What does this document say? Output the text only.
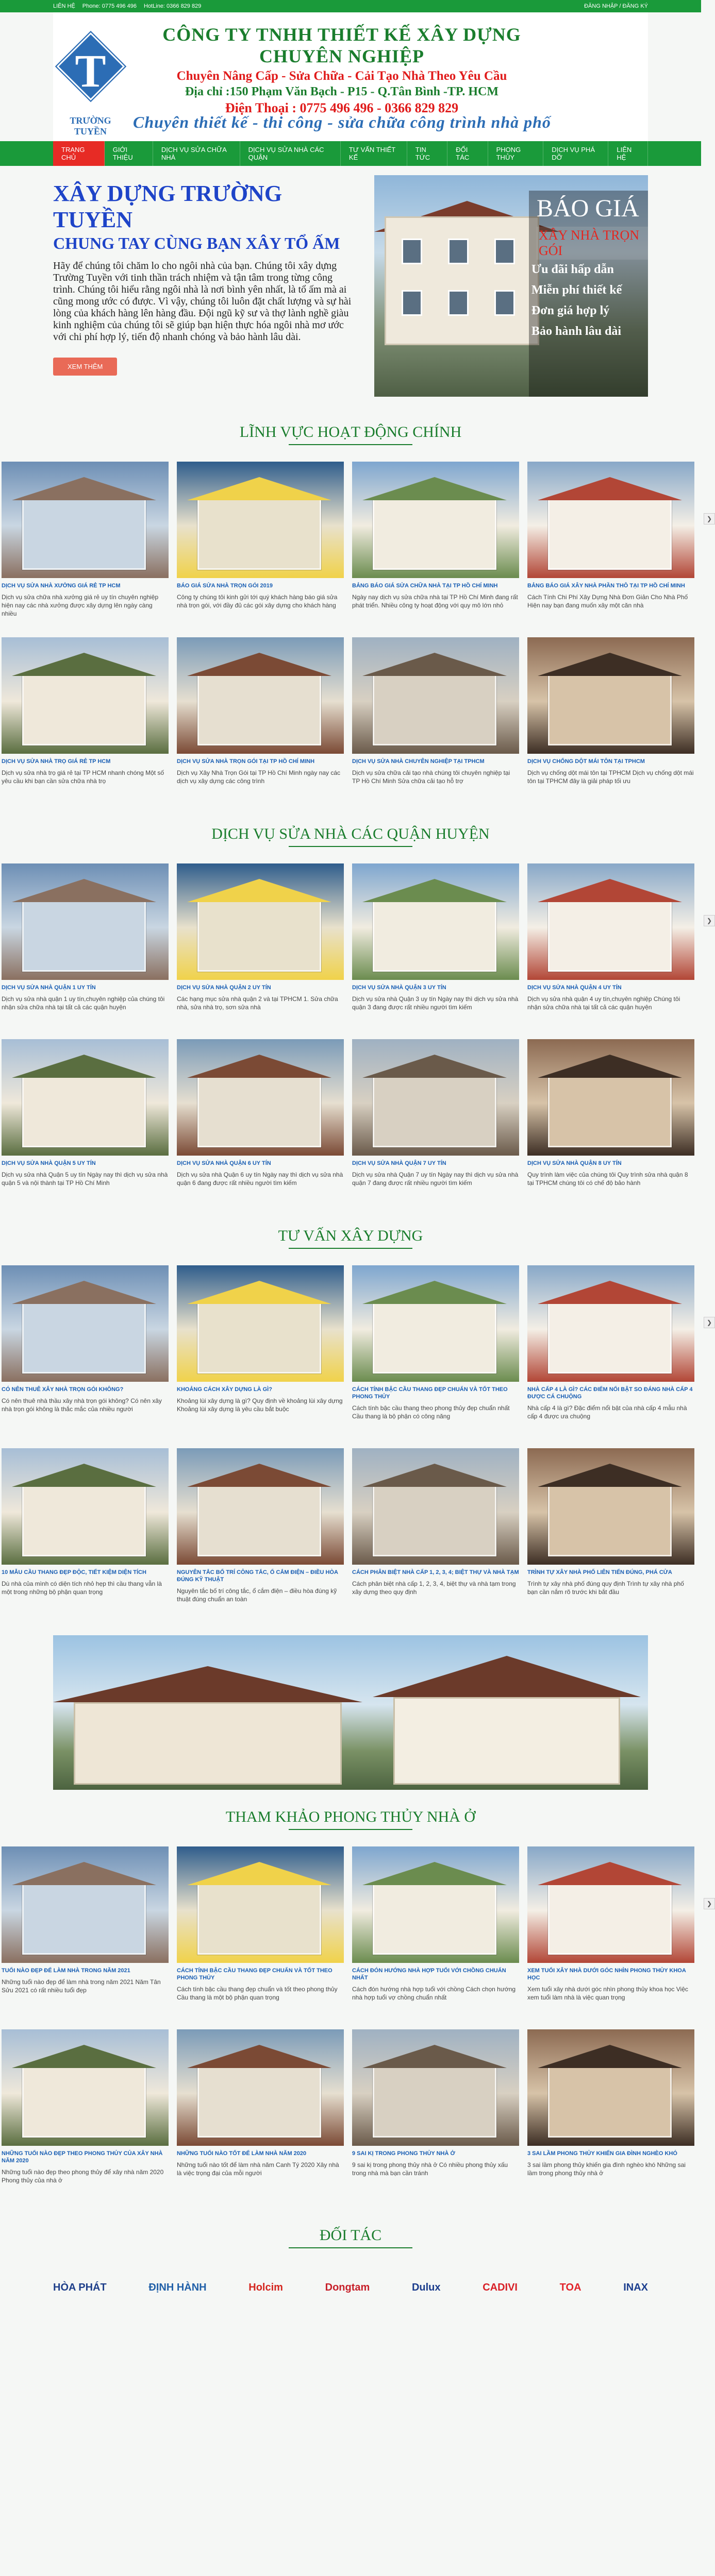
LIÊN HỆ Phone: 0775 496 496 HotLine: 0366 829 829	ĐĂNG NHẬP / ĐĂNG KÝ
T
TRƯỜNG TUYỀN
CÔNG TY TNHH THIẾT KẾ XÂY DỰNG CHUYÊN NGHIỆP
Chuyên Nâng Cấp - Sửa Chữa - Cải Tạo Nhà Theo Yêu Cầu
Địa chỉ :150 Phạm Văn Bạch - P15 - Q.Tân Bình -TP. HCM
Điện Thoại : 0775 496 496 - 0366 829 829
Chuyên thiết kế - thi công - sửa chữa công trình nhà phố
TRANG CHỦ
GIỚI THIỆU
DỊCH VỤ SỬA CHỮA NHÀ
DỊCH VỤ SỬA NHÀ CÁC QUẬN
TƯ VẤN THIẾT KẾ
TIN TỨC
ĐỐI TÁC
PHONG THỦY
DỊCH VỤ PHÁ DỠ
LIÊN HỆ
XÂY DỰNG TRƯỜNG TUYỀN
CHUNG TAY CÙNG BẠN XÂY TỔ ẤM

Hãy để chúng tôi chăm lo cho ngôi nhà của bạn. Chúng tôi xây dựng Trường Tuyền với tinh thần trách nhiệm và tận tâm trong từng công trình. Chúng tôi hiểu rằng ngôi nhà là nơi bình yên nhất, là tổ ấm mà ai cũng mong ước có được. Vì vậy, chúng tôi luôn đặt chất lượng và sự hài lòng của khách hàng lên hàng đầu. Đội ngũ kỹ sư và thợ lành nghề giàu kinh nghiệm của chúng tôi sẽ giúp bạn hiện thực hóa ngôi nhà mơ ước với chi phí hợp lý, tiến độ nhanh chóng và bảo hành lâu dài.

XEM THÊM
BÁO GIÁ
XÂY NHÀ TRỌN GÓI
Ưu đãi hấp dẫn
Miễn phí thiết kế
Đơn giá hợp lý
Bảo hành lâu dài
LĨNH VỰC HOẠT ĐỘNG CHÍNH
DỊCH VỤ SỬA NHÀ XƯỞNG GIÁ RẺ TP HCM
Dịch vụ sửa chữa nhà xưởng giá rẻ uy tín chuyên nghiệp hiện nay các nhà xưởng được xây dựng lên ngày càng nhiều
BÁO GIÁ SỬA NHÀ TRỌN GÓI 2019
Công ty chúng tôi kinh gửi tới quý khách hàng báo giá sửa nhà trọn gói, với đầy đủ các gói xây dựng cho khách hàng
BẢNG BÁO GIÁ SỬA CHỮA NHÀ TẠI TP HỒ CHÍ MINH
Ngày nay dịch vụ sửa chữa nhà tại TP Hồ Chí Minh đang rất phát triển. Nhiều công ty hoạt động với quy mô lớn nhỏ
BẢNG BÁO GIÁ XÂY NHÀ PHẦN THÔ TẠI TP HỒ CHÍ MINH
Cách Tính Chi Phí Xây Dựng Nhà Đơn Giản Cho Nhà Phố Hiện nay bạn đang muốn xây một căn nhà
DỊCH VỤ SỬA NHÀ TRỌ GIÁ RẺ TP HCM
Dịch vụ sửa nhà trọ giá rẻ tại TP HCM nhanh chóng Một số yêu cầu khi bạn cần sửa chữa nhà trọ
DỊCH VỤ SỬA NHÀ TRỌN GÓI TẠI TP HỒ CHÍ MINH
Dịch vụ Xây Nhà Trọn Gói tại TP Hồ Chí Minh ngày nay các dịch vụ xây dựng các công trình
DỊCH VỤ SỬA NHÀ CHUYÊN NGHIỆP TẠI TPHCM
Dịch vụ sửa chữa cải tạo nhà chúng tôi chuyên nghiệp tại TP Hồ Chí Minh Sửa chữa cải tạo hỗ trợ
DỊCH VỤ CHỐNG DỘT MÁI TÔN TẠI TPHCM
Dịch vụ chống dột mái tôn tại TPHCM Dịch vụ chống dột mái tôn tại TPHCM đây là giải pháp tối ưu
❯
DỊCH VỤ SỬA NHÀ CÁC QUẬN HUYỆN
DỊCH VỤ SỬA NHÀ QUẬN 1 UY TÍN
Dịch vụ sửa nhà quận 1 uy tín,chuyên nghiệp của chúng tôi nhận sửa chữa nhà tại tất cả các quận huyện
DỊCH VỤ SỬA NHÀ QUẬN 2 UY TÍN
Các hạng mục sửa nhà quận 2 và tại TPHCM 1. Sửa chữa nhà, sửa nhà trọ, sơn sửa nhà
DỊCH VỤ SỬA NHÀ QUẬN 3 UY TÍN
Dịch vụ sửa nhà Quận 3 uy tín Ngày nay thì dịch vụ sửa nhà quận 3 đang được rất nhiều người tìm kiếm
DỊCH VỤ SỬA NHÀ QUẬN 4 UY TÍN
Dịch vụ sửa nhà quận 4 uy tín,chuyên nghiệp Chúng tôi nhận sửa chữa nhà tại tất cả các quận huyện
DỊCH VỤ SỬA NHÀ QUẬN 5 UY TÍN
Dịch vụ sửa nhà Quận 5 uy tín Ngày nay thì dịch vụ sửa nhà quận 5 và nội thành tại TP Hồ Chí Minh
DỊCH VỤ SỬA NHÀ QUẬN 6 UY TÍN
Dịch vụ sửa nhà Quận 6 uy tín Ngày nay thì dịch vụ sửa nhà quận 6 đang được rất nhiều người tìm kiếm
DỊCH VỤ SỬA NHÀ QUẬN 7 UY TÍN
Dịch vụ sửa nhà Quận 7 uy tín Ngày nay thì dịch vụ sửa nhà quận 7 đang được rất nhiều người tìm kiếm
DỊCH VỤ SỬA NHÀ QUẬN 8 UY TÍN
Quy trình làm việc của chúng tôi Quy trình sửa nhà quận 8 tại TPHCM chúng tôi có chế độ bảo hành
❯
TƯ VẤN XÂY DỰNG
CÓ NÊN THUÊ XÂY NHÀ TRỌN GÓI KHÔNG?
Có nên thuê nhà thầu xây nhà trọn gói không? Có nên xây nhà trọn gói không là thắc mắc của nhiều người
KHOẢNG CÁCH XÂY DỰNG LÀ GÌ?
Khoảng lùi xây dựng là gì? Quy định về khoảng lùi xây dựng Khoảng lùi xây dựng là yêu cầu bắt buộc
CÁCH TÍNH BẬC CẦU THANG ĐẸP CHUẨN VÀ TỐT THEO PHONG THỦY
Cách tính bậc cầu thang theo phong thủy đẹp chuẩn nhất Cầu thang là bộ phận có công năng
NHÀ CẤP 4 LÀ GÌ? CÁC ĐIỂM NỔI BẬT SO ĐÁNG NHÀ CẤP 4 ĐƯỢC CÁ CHUỘNG
Nhà cấp 4 là gì? Đặc điểm nổi bật của nhà cấp 4 mẫu nhà cấp 4 được ưa chuộng
10 MẪU CẦU THANG ĐẸP ĐỘC, TIẾT KIỆM DIỆN TÍCH
Dù nhà của mình có diện tích nhỏ hẹp thì cầu thang vẫn là một trong những bộ phận quan trọng
NGUYÊN TẮC BỐ TRÍ CÔNG TẮC, Ổ CẮM ĐIỆN – ĐIỀU HÒA ĐÚNG KỸ THUẬT
Nguyên tắc bố trí công tắc, ổ cắm điện – điều hòa đúng kỹ thuật đúng chuẩn an toàn
CÁCH PHÂN BIỆT NHÀ CẤP 1, 2, 3, 4; BIỆT THỰ VÀ NHÀ TẠM
Cách phân biệt nhà cấp 1, 2, 3, 4, biệt thự và nhà tạm trong xây dựng theo quy định
TRÌNH TỰ XÂY NHÀ PHỐ LIÊN TIẾN ĐÚNG, PHÁ CỬA
Trình tự xây nhà phố đúng quy định Trình tự xây nhà phố bạn cần nắm rõ trước khi bắt đầu
❯
THAM KHẢO PHONG THỦY NHÀ Ở
TUỔI NÀO ĐẸP ĐỂ LÀM NHÀ TRONG NĂM 2021
Những tuổi nào đẹp để làm nhà trong năm 2021 Năm Tân Sửu 2021 có rất nhiều tuổi đẹp
CÁCH TÍNH BẬC CẦU THANG ĐẸP CHUẨN VÀ TỐT THEO PHONG THỦY
Cách tính bậc cầu thang đẹp chuẩn và tốt theo phong thủy Cầu thang là một bộ phận quan trọng
CÁCH ĐÓN HƯỚNG NHÀ HỢP TUỔI VỚI CHỒNG CHUẨN NHẤT
Cách đón hướng nhà hợp tuổi với chồng Cách chọn hướng nhà hợp tuổi vợ chồng chuẩn nhất
XEM TUỔI XÂY NHÀ DƯỚI GÓC NHÌN PHONG THỦY KHOA HỌC
Xem tuổi xây nhà dưới góc nhìn phong thủy khoa học Việc xem tuổi làm nhà là việc quan trọng
NHỮNG TUỔI NÀO ĐẸP THEO PHONG THỦY CỦA XÂY NHÀ NĂM 2020
Những tuổi nào đẹp theo phong thủy để xây nhà năm 2020 Phong thủy của nhà ở
NHỮNG TUỔI NÀO TỐT ĐỂ LÀM NHÀ NĂM 2020
Những tuổi nào tốt để làm nhà năm Canh Tý 2020 Xây nhà là việc trọng đại của mỗi người
9 SAI KỊ TRONG PHONG THỦY NHÀ Ở
9 sai kị trong phong thủy nhà ở Có nhiều phong thủy xấu trong nhà mà bạn cần tránh
3 SAI LẦM PHONG THỦY KHIẾN GIA ĐÌNH NGHÈO KHÓ
3 sai lầm phong thủy khiến gia đình nghèo khó Những sai lầm trong phong thủy nhà ở
❯
ĐỐI TÁC
HÒA PHÁT	ĐỊNH HÀNH	Holcim	Dongtam	Dulux	CADIVI	TOA	INAX
